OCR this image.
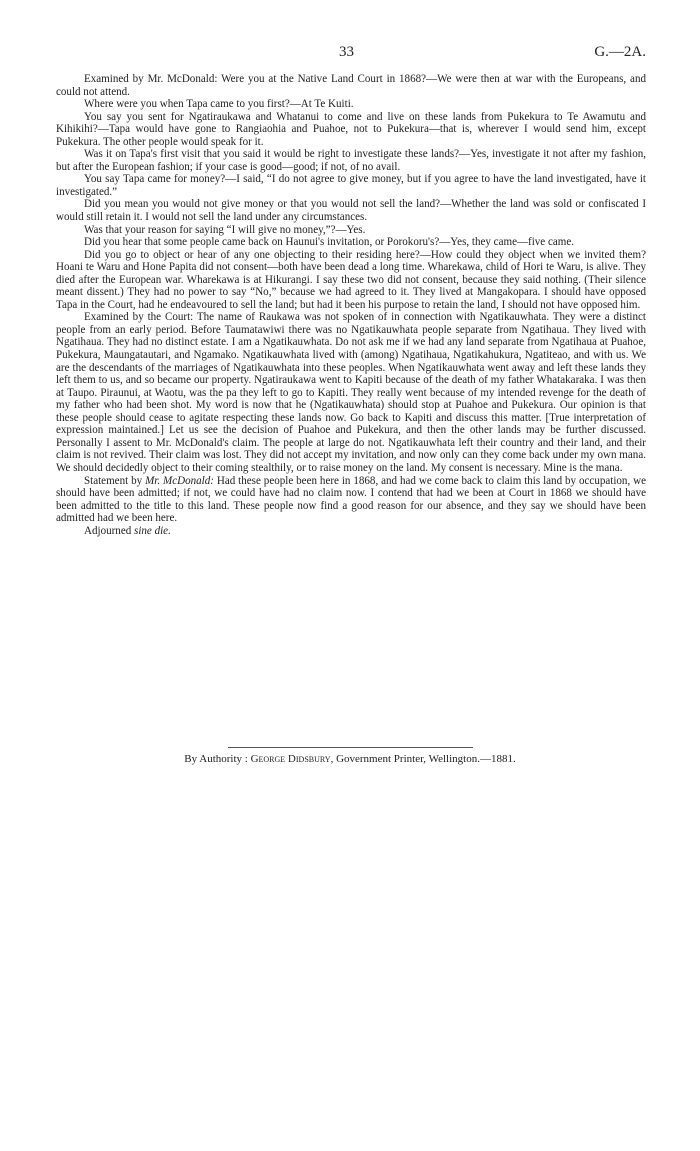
33	G.—2A.

Examined by Mr. McDonald: Were you at the Native Land Court in 1868?—We were then at war with the Europeans, and could not attend.

Where were you when Tapa came to you first?—At Te Kuiti.

You say you sent for Ngatiraukawa and Whatanui to come and live on these lands from Pukekura to Te Awamutu and Kihikihi?—Tapa would have gone to Rangiaohia and Puahoe, not to Pukekura—that is, wherever I would send him, except Pukekura. The other people would speak for it.

Was it on Tapa's first visit that you said it would be right to investigate these lands?—Yes, investigate it not after my fashion, but after the European fashion; if your case is good—good; if not, of no avail.

You say Tapa came for money?—I said, “I do not agree to give money, but if you agree to have the land investigated, have it investigated.”

Did you mean you would not give money or that you would not sell the land?—Whether the land was sold or confiscated I would still retain it. I would not sell the land under any circumstances.

Was that your reason for saying “I will give no money,”?—Yes.

Did you hear that some people came back on Haunui's invitation, or Porokoru's?—Yes, they came—five came.

Did you go to object or hear of any one objecting to their residing here?—How could they object when we invited them? Hoani te Waru and Hone Papita did not consent—both have been dead a long time. Wharekawa, child of Hori te Waru, is alive. They died after the European war. Wharekawa is at Hikurangi. I say these two did not consent, because they said nothing. (Their silence meant dissent.) They had no power to say “No,” because we had agreed to it. They lived at Mangakopara. I should have opposed Tapa in the Court, had he endeavoured to sell the land; but had it been his purpose to retain the land, I should not have opposed him.

Examined by the Court: The name of Raukawa was not spoken of in connection with Ngatikauwhata. They were a distinct people from an early period. Before Taumatawiwi there was no Ngatikauwhata people separate from Ngatihaua. They lived with Ngatihaua. They had no distinct estate. I am a Ngatikauwhata. Do not ask me if we had any land separate from Ngatihaua at Puahoe, Pukekura, Maungatautari, and Ngamako. Ngatikauwhata lived with (among) Ngatihaua, Ngatikahukura, Ngatiteao, and with us. We are the descendants of the marriages of Ngatikauwhata into these peoples. When Ngatikauwhata went away and left these lands they left them to us, and so became our property. Ngatiraukawa went to Kapiti because of the death of my father Whatakaraka. I was then at Taupo. Piraunui, at Waotu, was the pa they left to go to Kapiti. They really went because of my intended revenge for the death of my father who had been shot. My word is now that he (Ngatikauwhata) should stop at Puahoe and Pukekura. Our opinion is that these people should cease to agitate respecting these lands now. Go back to Kapiti and discuss this matter. [True interpretation of expression maintained.] Let us see the decision of Puahoe and Pukekura, and then the other lands may be further discussed. Personally I assent to Mr. McDonald's claim. The people at large do not. Ngatikauwhata left their country and their land, and their claim is not revived. Their claim was lost. They did not accept my invitation, and now only can they come back under my own mana. We should decidedly object to their coming stealthily, or to raise money on the land. My consent is necessary. Mine is the mana.

Statement by Mr. McDonald: Had these people been here in 1868, and had we come back to claim this land by occupation, we should have been admitted; if not, we could have had no claim now. I contend that had we been at Court in 1868 we should have been admitted to the title to this land. These people now find a good reason for our absence, and they say we should have been admitted had we been here.

Adjourned sine die.

By Authority : George Didsbury, Government Printer, Wellington.—1881.
